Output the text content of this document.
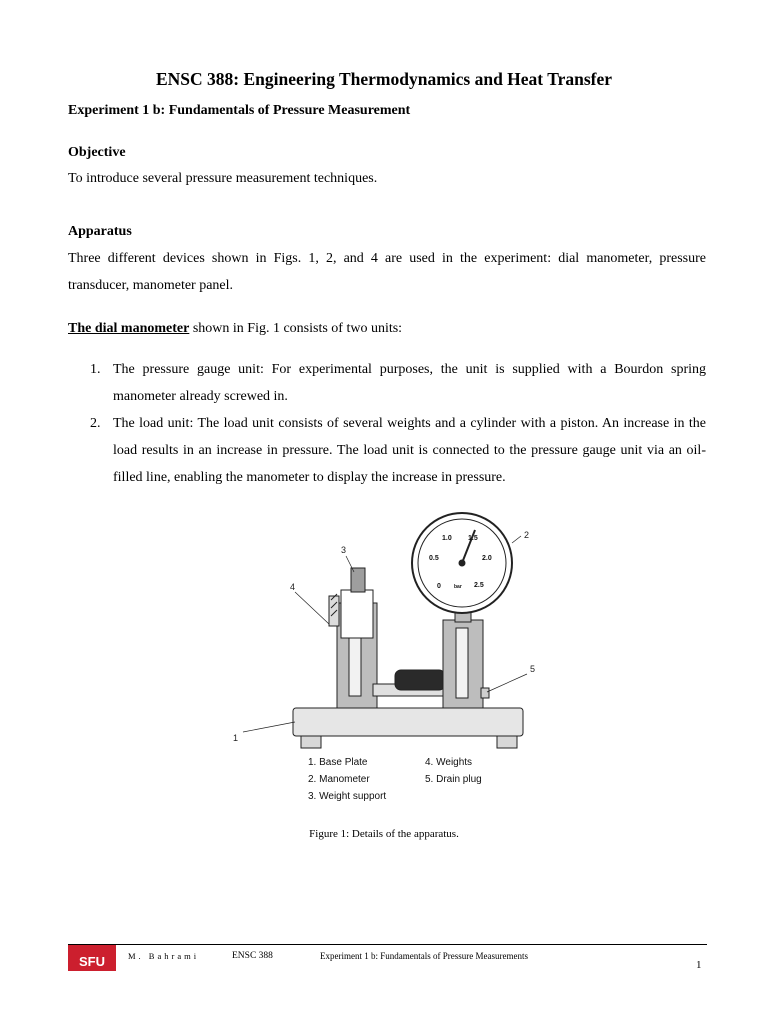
ENSC 388: Engineering Thermodynamics and Heat Transfer
Experiment 1 b: Fundamentals of Pressure Measurement
Objective
To introduce several pressure measurement techniques.
Apparatus
Three different devices shown in Figs. 1, 2, and 4 are used in the experiment: dial manometer, pressure transducer, manometer panel.
The dial manometer shown in Fig. 1 consists of two units:
1. The pressure gauge unit: For experimental purposes, the unit is supplied with a Bourdon spring manometer already screwed in.
2. The load unit: The load unit consists of several weights and a cylinder with a piston. An increase in the load results in an increase in pressure. The load unit is connected to the pressure gauge unit via an oil-filled line, enabling the manometer to display the increase in pressure.
0
0.5
1.0 1.5
2.0
2.5
bar
1
2
3
4
5
1. Base Plate
2. Manometer
3. Weight support
4. Weights
5. Drain plug
Figure 1: Details of the apparatus.
SFU	M. Bahrami	ENSC 388	Experiment 1 b: Fundamentals of Pressure Measurements
1
